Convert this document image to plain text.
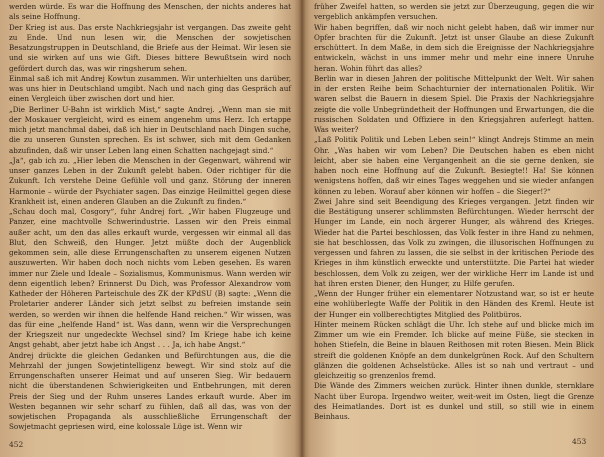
werden würde. Es war die Hoffnung des Menschen, der nichts anderes hat als seine Hoffnung.

Der Krieg ist aus. Das erste Nachkriegsjahr ist vergangen. Das zweite geht zu Ende. Und nun lesen wir, die Menschen der sowjetischen Besatzungstruppen in Deutschland, die Briefe aus der Heimat. Wir lesen sie und sie wirken auf uns wie Gift. Dieses bittere Bewußtsein wird noch gefördert durch das, was wir ringsherum sehen.

Einmal saß ich mit Andrej Kowtun zusammen. Wir unterhielten uns darüber, was uns hier in Deutschland umgibt. Nach und nach ging das Gespräch auf einen Vergleich über zwischen dort und hier.

„Die Berliner U-Bahn ist wirklich Mist,“ sagte Andrej. „Wenn man sie mit der Moskauer vergleicht, wird es einem angenehm ums Herz. Ich ertappe mich jetzt manchmal dabei, daß ich hier in Deutschland nach Dingen suche, die zu unseren Gunsten sprechen. Es ist schwer, sich mit dem Gedanken abzufinden, daß wir unser Leben lang einen Schatten nachgejagt sind.“

„Ja“, gab ich zu. „Hier leben die Menschen in der Gegenwart, während wir unser ganzes Leben in der Zukunft gelebt haben. Oder richtiger für die Zukunft. Ich verstehe Deine Gefühle voll und ganz. Störung der inneren Harmonie – würde der Psychiater sagen. Das einzige Heilmittel gegen diese Krankheit ist, einen anderen Glauben an die Zukunft zu finden.“

„Schau doch mal, Cosgory“, fuhr Andrej fort. „Wir haben Flugzeuge und Panzer, eine machtvolle Schwerindustrie. Lassen wir den Preis einmal außer acht, um den das alles erkauft wurde, vergessen wir einmal all das Blut, den Schweiß, den Hunger. Jetzt müßte doch der Augenblick gekommen sein, alle diese Errungenschaften zu unserem eigenen Nutzen auszuwerten. Wir haben doch noch nichts vom Leben gesehen. Es waren immer nur Ziele und Ideale – Sozialismus, Kommunismus. Wann werden wir denn eigentlich leben? Erinnerst Du Dich, was Professor Alexandrow vom Katheder der Höheren Parteischule des ZK der KPdSU (B) sagte: „Wenn die Proletarier anderer Länder sich jetzt selbst zu befreien imstande sein werden, so werden wir ihnen die helfende Hand reichen.“ Wir wissen, was das für eine „helfende Hand“ ist. Was dann, wenn wir die Versprechungen der Kriegszeit nur ungedeckte Wechsel sind? Im Kriege habe ich keine Angst gehabt, aber jetzt habe ich Angst . . . Ja, ich habe Angst.“

Andrej drückte die gleichen Gedanken und Befürchtungen aus, die die Mehrzahl der jungen Sowjetintelligenz bewegt. Wir sind stolz auf die Errungenschaften unserer Heimat und auf unseren Sieg. Wir bedauern nicht die überstandenen Schwierigkeiten und Entbehrungen, mit deren Preis der Sieg und der Ruhm unseres Landes erkauft wurde. Aber im Westen begannen wir sehr scharf zu fühlen, daß all das, was von der sowjetischen Propaganda als ausschließliche Errungenschaft der Sowjetmacht gepriesen wird, eine kolossale Lüge ist. Wenn wir

452

früher Zweifel hatten, so werden sie jetzt zur Überzeugung, gegen die wir vergeblich ankämpfen versuchen.

Wir haben begriffen, daß wir noch nicht gelebt haben, daß wir immer nur Opfer brachten für die Zukunft. Jetzt ist unser Glaube an diese Zukunft erschüttert. In dem Maße, in dem sich die Ereignisse der Nachkriegsjahre entwickeln, wächst in uns immer mehr und mehr eine innere Unruhe heran. Wohin führt das alles?

Berlin war in diesen Jahren der politische Mittelpunkt der Welt. Wir sahen in der ersten Reihe beim Schachturnier der internationalen Politik. Wir waren selbst die Bauern in diesem Spiel. Die Praxis der Nachkriegsjahre zeigte die volle Unbegründetheit der Hoffnungen und Erwartungen, die die russischen Soldaten und Offiziere in den Kriegsjahren auferlegt hatten. Was weiter?

„Laß Politik Politik und Leben Leben sein!“ klingt Andrejs Stimme an mein Ohr. „Was haben wir vom Leben? Die Deutschen haben es eben nicht leicht, aber sie haben eine Vergangenheit an die sie gerne denken, sie haben noch eine Hoffnung auf die Zukunft. Besiegte!! Ha! Sie können wenigstens hoffen, daß wir eines Tages weggehen und sie wieder anfangen können zu leben. Worauf aber können wir hoffen – die Sieger!?“

Zwei Jahre sind seit Beendigung des Krieges vergangen. Jetzt finden wir die Bestätigung unserer schlimmsten Befürchtungen. Wieder herrscht der Hunger im Lande, ein noch ärgerer Hunger, als während des Krieges. Wieder hat die Partei beschlossen, das Volk fester in ihre Hand zu nehmen, sie hat beschlossen, das Volk zu zwingen, die illusorischen Hoffnungen zu vergessen und fahren zu lassen, die sie selbst in der kritischen Periode des Krieges in ihm künstlich erweckte und unterstützte. Die Partei hat wieder beschlossen, dem Volk zu zeigen, wer der wirkliche Herr im Lande ist und hat ihren ersten Diener, den Hunger, zu Hilfe gerufen.

„Wenn der Hunger früher ein elementarer Notzustand war, so ist er heute eine wohlüberlegte Waffe der Politik in den Händen des Kreml. Heute ist der Hunger ein vollberechtigtes Mitglied des Politbüros.

Hinter meinem Rücken schlägt die Uhr. Ich stehe auf und blicke mich im Zimmer um wie ein Fremder. Ich blicke auf meine Füße, sie stecken in hohen Stiefeln, die Beine in blauen Reithosen mit roten Biesen. Mein Blick streift die goldenen Knöpfe an dem dunkelgrünen Rock. Auf den Schultern glänzen die goldenen Achselstücke. Alles ist so nah und vertraut – und gleichzeitig so grenzenlos fremd.

Die Wände des Zimmers weichen zurück. Hinter ihnen dunkle, sternklare Nacht über Europa. Irgendwo weiter, weit-weit im Osten, liegt die Grenze des Heimatlandes. Dort ist es dunkel und still, so still wie in einem Beinhaus.

453
